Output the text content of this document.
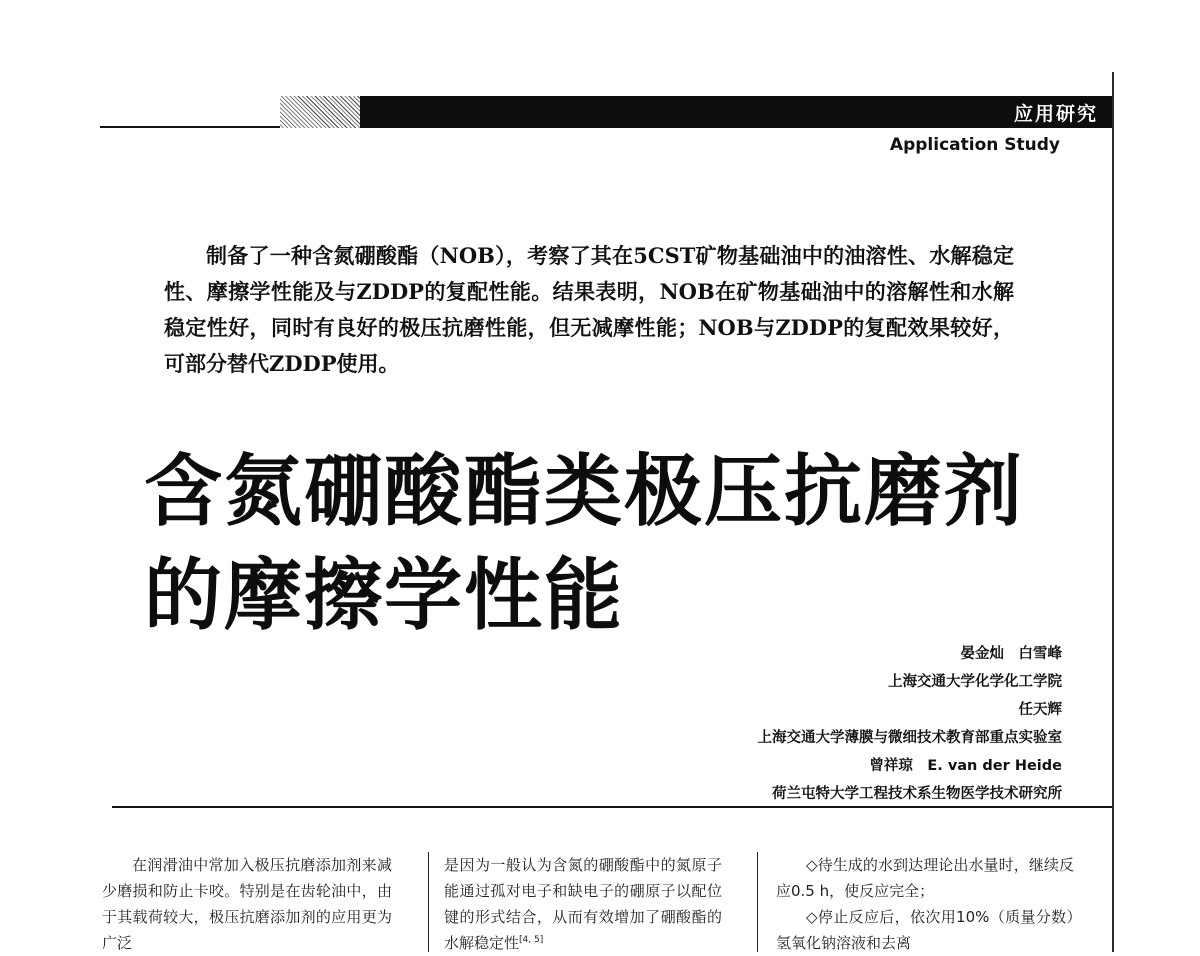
应用研究
Application Study
制备了一种含氮硼酸酯（NOB），考察了其在5CST矿物基础油中的油溶性、水解稳定性、摩擦学性能及与ZDDP的复配性能。结果表明，NOB在矿物基础油中的溶解性和水解稳定性好，同时有良好的极压抗磨性能，但无减摩性能；NOB与ZDDP的复配效果较好，可部分替代ZDDP使用。
含氮硼酸酯类极压抗磨剂
的摩擦学性能
晏金灿　白雪峰
上海交通大学化学化工学院
任天辉
上海交通大学薄膜与微细技术教育部重点实验室
曾祥琼　E. van der Heide
荷兰屯特大学工程技术系生物医学技术研究所

在润滑油中常加入极压抗磨添加剂来减少磨损和防止卡咬。特别是在齿轮油中，由于其载荷较大，极压抗磨添加剂的应用更为广泛

是因为一般认为含氮的硼酸酯中的氮原子能通过孤对电子和缺电子的硼原子以配位键的形式结合，从而有效增加了硼酸酯的水解稳定性[4, 5]

◇待生成的水到达理论出水量时，继续反应0.5 h，使反应完全；

◇停止反应后，依次用10%（质量分数）氢氧化钠溶液和去离
